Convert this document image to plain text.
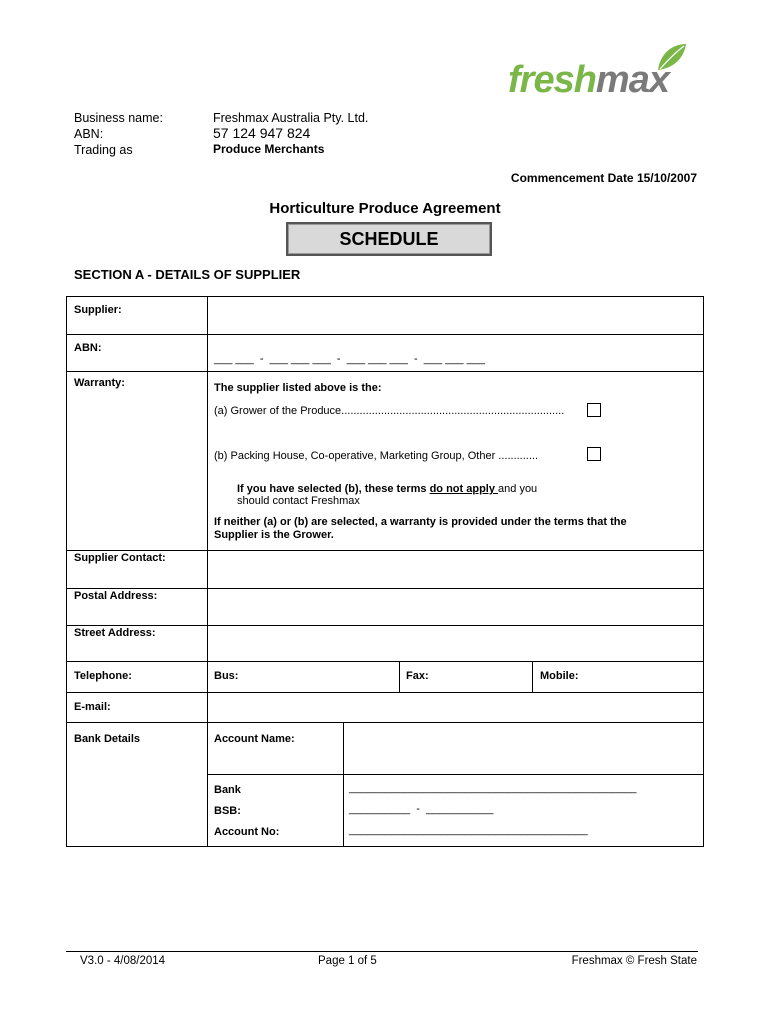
freshmax
Business name:	Freshmax Australia Pty. Ltd.
ABN:	57 124 947 824
Trading as	Produce Merchants
Commencement Date 15/10/2007
Horticulture Produce Agreement
SCHEDULE
SECTION A - DETAILS OF SUPPLIER
Supplier:
ABN:
___ ___  -  ___ ___ ___  -  ___ ___ ___  -  ___ ___ ___
Warranty:	The supplier listed above is the:
(a) Grower of the Produce.........................................................................
(b) Packing House, Co-operative, Marketing Group, Other .............
If you have selected (b), these terms do not apply and you
should contact Freshmax
If neither (a) or (b) are selected, a warranty is provided under the terms that the Supplier is the Grower.
Supplier Contact:
Postal Address:
Street Address:
Telephone:	Bus:	Fax:	Mobile:
E-mail:
Bank Details	Account Name:
Bank	_______________________________________________
BSB:	__________  -  ___________
Account No:	_______________________________________
V3.0 - 4/08/2014	Page 1 of 5	Freshmax © Fresh State
